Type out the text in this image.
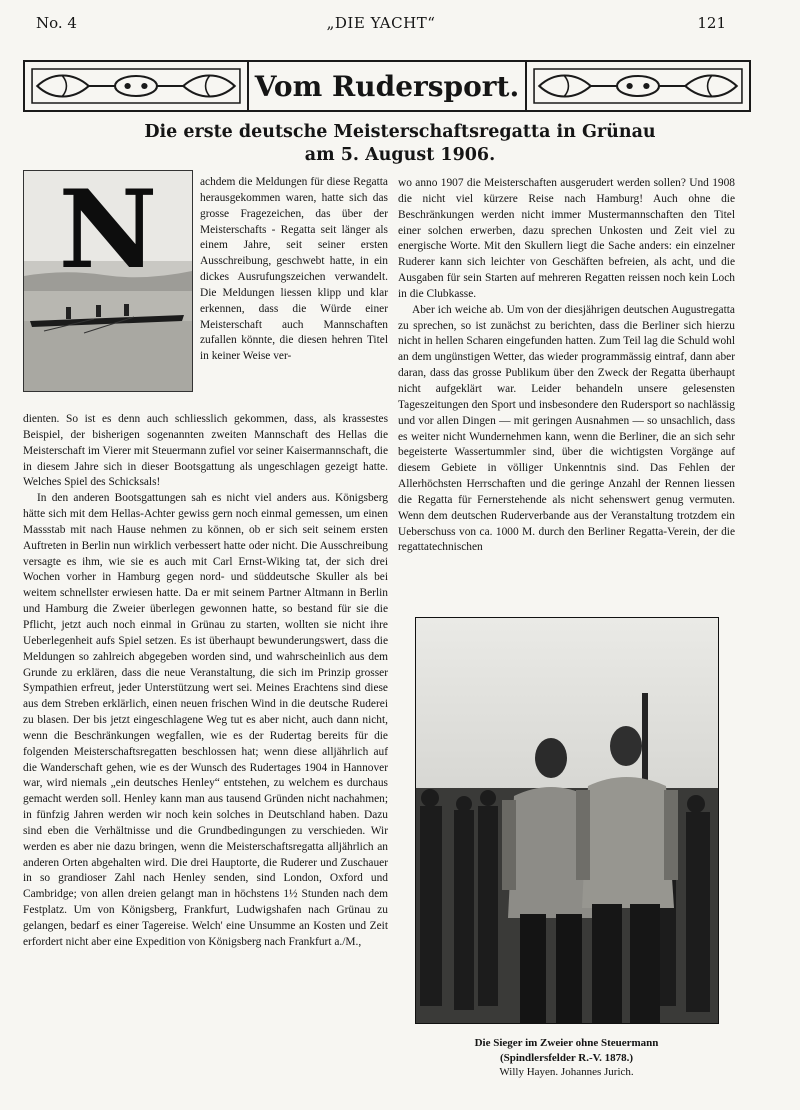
No. 4	„DIE YACHT“	121
Vom Rudersport.
Die erste deutsche Meisterschaftsregatta in Grünau
am 5. August 1906.
N	achdem die Meldungen für diese Regatta herausgekommen waren, hatte sich das grosse Fragezeichen, das über der Meisterschafts - Regatta seit länger als einem Jahre, seit seiner ersten Ausschreibung, geschwebt hatte, in ein dickes Ausrufungszeichen verwandelt. Die Meldungen liessen klipp und klar erkennen, dass die Würde einer Meisterschaft auch Mannschaften zufallen könnte, die diesen hehren Titel in keiner Weise ver-

dienten. So ist es denn auch schliesslich gekommen, dass, als krassestes Beispiel, der bisherigen sogenannten zweiten Mannschaft des Hellas die Meisterschaft im Vierer mit Steuermann zufiel vor seiner Kaisermannschaft, die in diesem Jahre sich in dieser Bootsgattung als ungeschlagen gezeigt hatte. Welches Spiel des Schicksals!

In den anderen Bootsgattungen sah es nicht viel anders aus. Königsberg hätte sich mit dem Hellas-Achter gewiss gern noch einmal gemessen, um einen Massstab mit nach Hause nehmen zu können, ob er sich seit seinem ersten Auftreten in Berlin nun wirklich verbessert hatte oder nicht. Die Ausschreibung versagte es ihm, wie sie es auch mit Carl Ernst-Wiking tat, der sich drei Wochen vorher in Hamburg gegen nord- und süddeutsche Skuller als bei weitem schnellster erwiesen hatte. Da er mit seinem Partner Altmann in Berlin und Hamburg die Zweier überlegen gewonnen hatte, so bestand für sie die Pflicht, jetzt auch noch einmal in Grünau zu starten, wollten sie nicht ihre Ueberlegenheit aufs Spiel setzen. Es ist überhaupt bewunderungswert, dass die Meldungen so zahlreich abgegeben worden sind, und wahrscheinlich aus dem Grunde zu erklären, dass die neue Veranstaltung, die sich im Prinzip grosser Sympathien erfreut, jeder Unterstützung wert sei. Meines Erachtens sind diese aus dem Streben erklärlich, einen neuen frischen Wind in die deutsche Ruderei zu blasen. Der bis jetzt eingeschlagene Weg tut es aber nicht, auch dann nicht, wenn die Beschränkungen wegfallen, wie es der Rudertag bereits für die folgenden Meisterschaftsregatten beschlossen hat; wenn diese alljährlich auf die Wanderschaft gehen, wie es der Wunsch des Rudertages 1904 in Hannover war, wird niemals „ein deutsches Henley“ entstehen, zu welchem es durchaus gemacht werden soll. Henley kann man aus tausend Gründen nicht nachahmen; in fünfzig Jahren werden wir noch kein solches in Deutschland haben. Dazu sind eben die Verhältnisse und die Grundbedingungen zu verschieden. Wir werden es aber nie dazu bringen, wenn die Meisterschaftsregatta alljährlich an anderen Orten abgehalten wird. Die drei Hauptorte, die Ruderer und Zuschauer in so grandioser Zahl nach Henley senden, sind London, Oxford und Cambridge; von allen dreien gelangt man in höchstens 1½ Stunden nach dem Festplatz. Um von Königsberg, Frankfurt, Ludwigshafen nach Grünau zu gelangen, bedarf es einer Tagereise. Welch' eine Unsumme an Kosten und Zeit erfordert nicht aber eine Expedition von Königsberg nach Frankfurt a./M.,

wo anno 1907 die Meisterschaften ausgerudert werden sollen? Und 1908 die nicht viel kürzere Reise nach Hamburg! Auch ohne die Beschränkungen werden nicht immer Mustermannschaften den Titel einer solchen erwerben, dazu sprechen Unkosten und Zeit viel zu energische Worte. Mit den Skullern liegt die Sache anders: ein einzelner Ruderer kann sich leichter von Geschäften befreien, als acht, und die Ausgaben für sein Starten auf mehreren Regatten reissen noch kein Loch in die Clubkasse.

Aber ich weiche ab. Um von der diesjährigen deutschen Augustregatta zu sprechen, so ist zunächst zu berichten, dass die Berliner sich hierzu nicht in hellen Scharen eingefunden hatten. Zum Teil lag die Schuld wohl an dem ungünstigen Wetter, das wieder programmässig eintraf, dann aber daran, dass das grosse Publikum über den Zweck der Regatta überhaupt nicht aufgeklärt war. Leider behandeln unsere gelesensten Tageszeitungen den Sport und insbesondere den Rudersport so nachlässig und vor allen Dingen — mit geringen Ausnahmen — so unsachlich, dass es weiter nicht Wundernehmen kann, wenn die Berliner, die an sich sehr begeisterte Wassertummler sind, über die wichtigsten Vorgänge auf diesem Gebiete in völliger Unkenntnis sind. Das Fehlen der Allerhöchsten Herrschaften und die geringe Anzahl der Rennen liessen die Regatta für Fernerstehende als nicht sehenswert genug vermuten. Wenn dem deutschen Ruderverbande aus der Veranstaltung trotzdem ein Ueberschuss von ca. 1000 M. durch den Berliner Regatta-Verein, der die regattatechnischen

Die Sieger im Zweier ohne Steuermann
(Spindlersfelder R.-V. 1878.)
Willy Hayen. Johannes Jurich.
